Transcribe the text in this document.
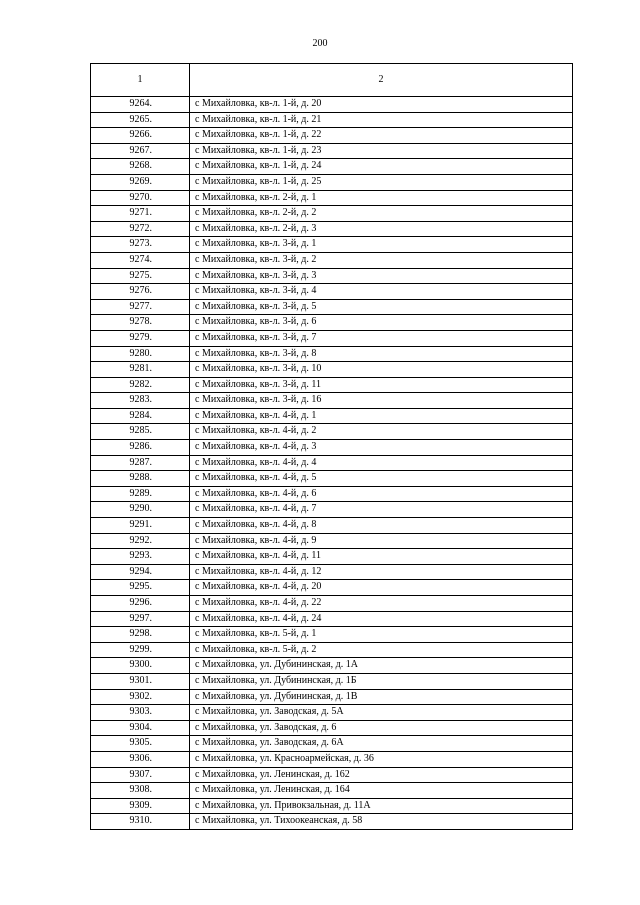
200
1	2
9264.	с Михайловка, кв-л. 1-й, д. 20
9265.	с Михайловка, кв-л. 1-й, д. 21
9266.	с Михайловка, кв-л. 1-й, д. 22
9267.	с Михайловка, кв-л. 1-й, д. 23
9268.	с Михайловка, кв-л. 1-й, д. 24
9269.	с Михайловка, кв-л. 1-й, д. 25
9270.	с Михайловка, кв-л. 2-й, д. 1
9271.	с Михайловка, кв-л. 2-й, д. 2
9272.	с Михайловка, кв-л. 2-й, д. 3
9273.	с Михайловка, кв-л. 3-й, д. 1
9274.	с Михайловка, кв-л. 3-й, д. 2
9275.	с Михайловка, кв-л. 3-й, д. 3
9276.	с Михайловка, кв-л. 3-й, д. 4
9277.	с Михайловка, кв-л. 3-й, д. 5
9278.	с Михайловка, кв-л. 3-й, д. 6
9279.	с Михайловка, кв-л. 3-й, д. 7
9280.	с Михайловка, кв-л. 3-й, д. 8
9281.	с Михайловка, кв-л. 3-й, д. 10
9282.	с Михайловка, кв-л. 3-й, д. 11
9283.	с Михайловка, кв-л. 3-й, д. 16
9284.	с Михайловка, кв-л. 4-й, д. 1
9285.	с Михайловка, кв-л. 4-й, д. 2
9286.	с Михайловка, кв-л. 4-й, д. 3
9287.	с Михайловка, кв-л. 4-й, д. 4
9288.	с Михайловка, кв-л. 4-й, д. 5
9289.	с Михайловка, кв-л. 4-й, д. 6
9290.	с Михайловка, кв-л. 4-й, д. 7
9291.	с Михайловка, кв-л. 4-й, д. 8
9292.	с Михайловка, кв-л. 4-й, д. 9
9293.	с Михайловка, кв-л. 4-й, д. 11
9294.	с Михайловка, кв-л. 4-й, д. 12
9295.	с Михайловка, кв-л. 4-й, д. 20
9296.	с Михайловка, кв-л. 4-й, д. 22
9297.	с Михайловка, кв-л. 4-й, д. 24
9298.	с Михайловка, кв-л. 5-й, д. 1
9299.	с Михайловка, кв-л. 5-й, д. 2
9300.	с Михайловка, ул. Дубининская, д. 1А
9301.	с Михайловка, ул. Дубининская, д. 1Б
9302.	с Михайловка, ул. Дубининская, д. 1В
9303.	с Михайловка, ул. Заводская, д. 5А
9304.	с Михайловка, ул. Заводская, д. 6
9305.	с Михайловка, ул. Заводская, д. 6А
9306.	с Михайловка, ул. Красноармейская, д. 36
9307.	с Михайловка, ул. Ленинская, д. 162
9308.	с Михайловка, ул. Ленинская, д. 164
9309.	с Михайловка, ул. Привокзальная, д. 11А
9310.	с Михайловка, ул. Тихоокеанская, д. 58
